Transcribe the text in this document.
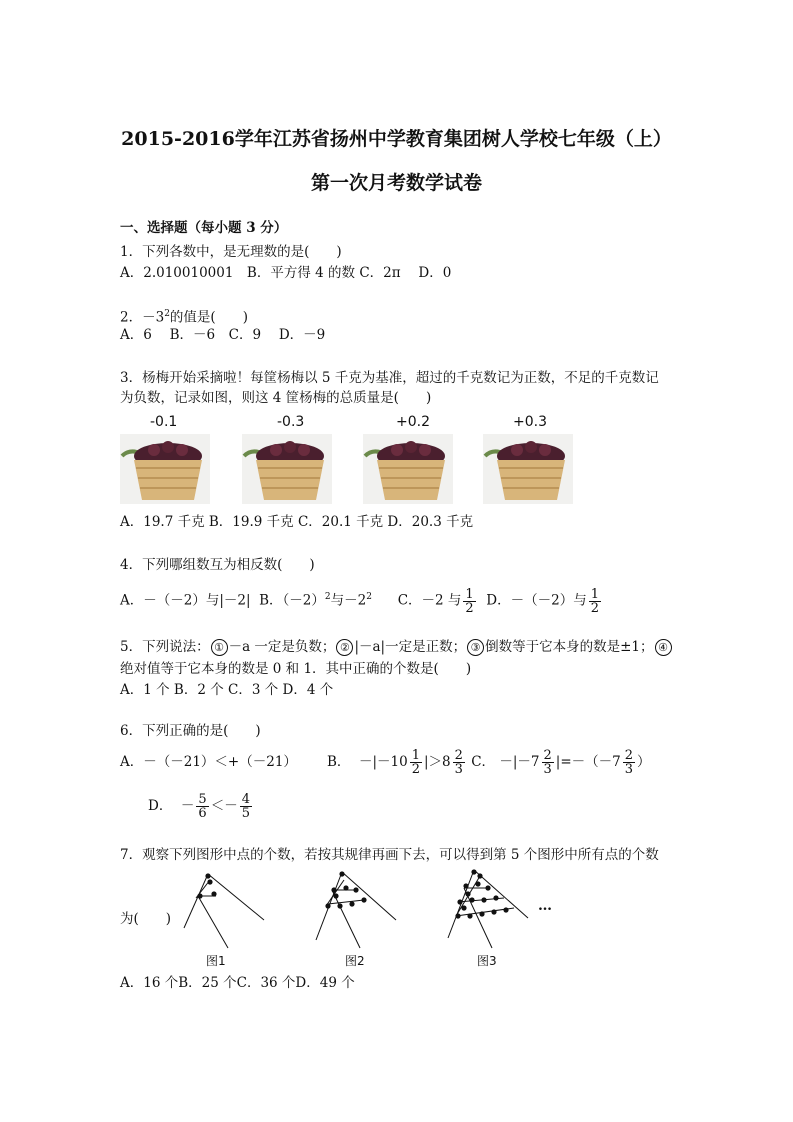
2015-2016学年江苏省扬州中学教育集团树人学校七年级（上）
第一次月考数学试卷
一、选择题（每小题 3 分）
1．下列各数中，是无理数的是(　　)
A．2.010010001　B．平方得 4 的数 C．2π　 D．0
2．$-3^2$的值是(　　)
A．6　 B．－6　C．9　 D．－9
3．杨梅开始采摘啦！每筐杨梅以 5 千克为基准，超过的千克数记为正数，不足的千克数记
为负数，记录如图，则这 4 筐杨梅的总质量是(　　)
-0.1	-0.3	+0.2	+0.3
A．19.7 千克 B．19.9 千克 C．20.1 千克 D．20.3 千克
4．下列哪组数互为相反数(　　)
A．－（－2）与|－2| B．$(-2)^2$与$-2^2$ C．－2 与 $\frac{1}{2}$ D．－（－2）与 $\frac{1}{2}$
5．下列说法： ① －a 一定是负数； ② |－a|一定是正数； ③ 倒数等于它本身的数是±1； ④
绝对值等于它本身的数是 0 和 1．其中正确的个数是(　　)
A．1 个 B．2 个 C．3 个 D．4 个
6．下列正确的是(　　)
A．－（－21）＜+（－21） B． $-|-10 \frac{1}{2} |>8 \frac{2}{3}$ C． $-|-7 \frac{2}{3} |=-(-7 \frac{2}{3}$ ）
D． － $\frac{5}{6} <- \frac{4}{5}$
7．观察下列图形中点的个数，若按其规律再画下去，可以得到第 5 个图形中所有点的个数
为(　　)
…
图1	图2	图3
A．16 个B．25 个C．36 个D．49 个
